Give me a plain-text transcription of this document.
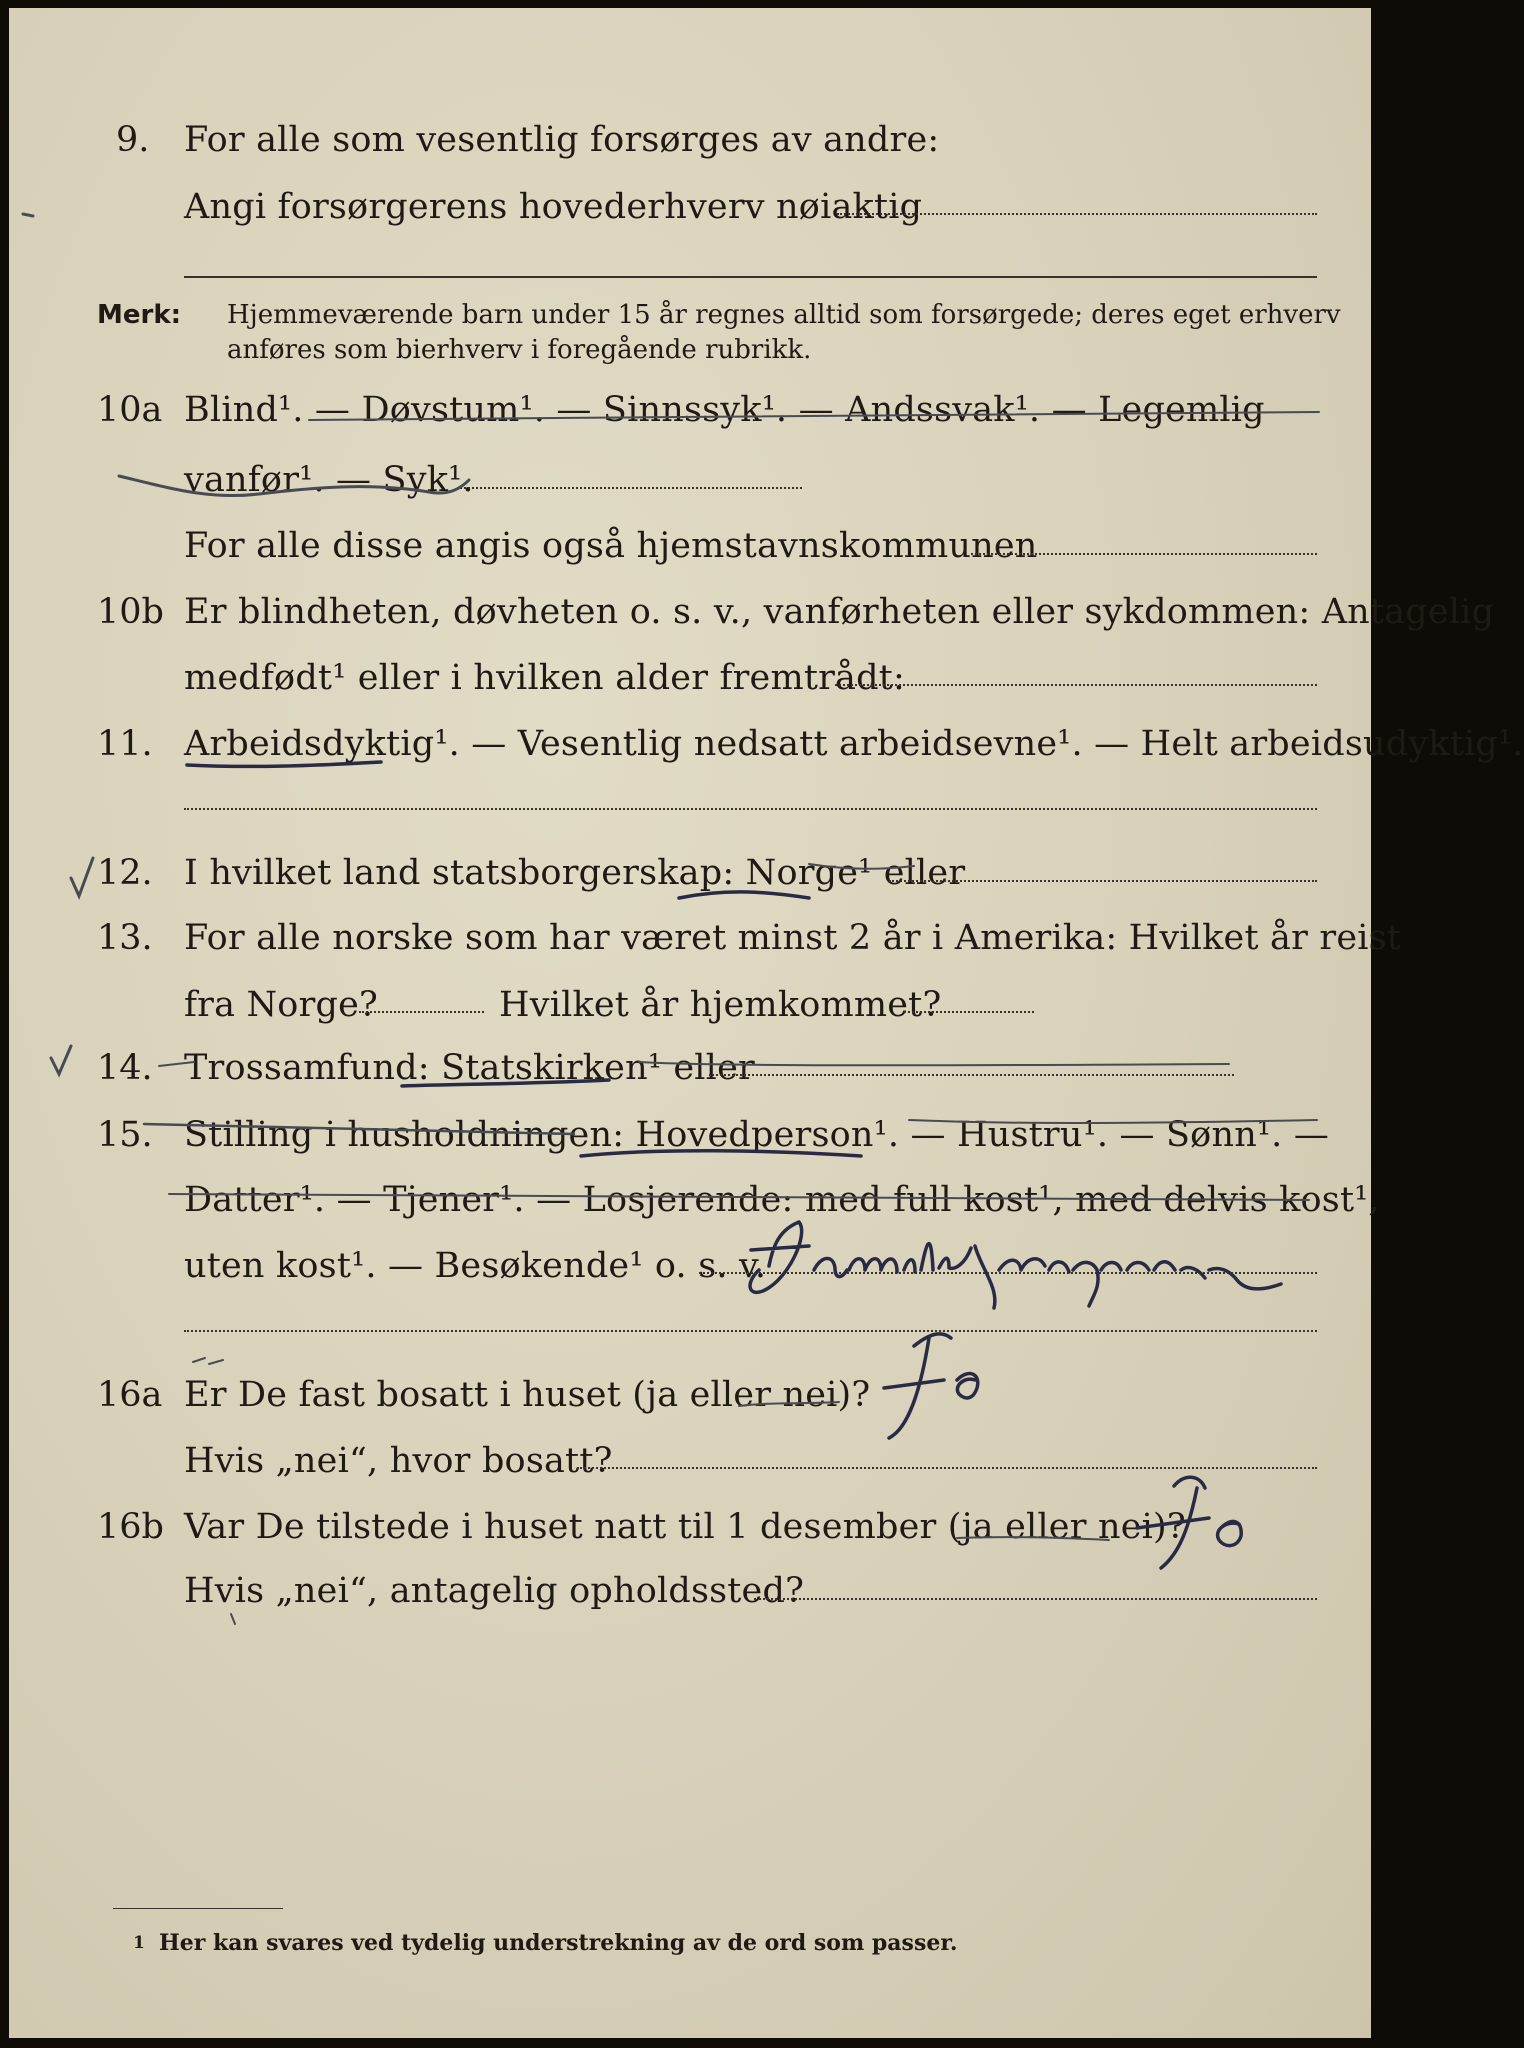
9. For alle som vesentlig forsørges av andre:
Angi forsørgerens hovederhverv nøiaktig
Merk: Hjemmeværende barn under 15 år regnes alltid som forsørgede; deres eget erhverv
anføres som bierhverv i foregående rubrikk.
10a Blind¹. — Døvstum¹. — Sinnssyk¹. — Andssvak¹. — Legemlig
vanfør¹. — Syk¹.
For alle disse angis også hjemstavnskommunen
10b Er blindheten, døvheten o. s. v., vanførheten eller sykdommen: Antagelig
medfødt¹ eller i hvilken alder fremtrådt:
11. Arbeidsdyktig¹. — Vesentlig nedsatt arbeidsevne¹. — Helt arbeidsudyktig¹.
12. I hvilket land statsborgerskap: Norge¹ eller
13. For alle norske som har været minst 2 år i Amerika: Hvilket år reist
fra Norge?	Hvilket år hjemkommet?
14. Trossamfund: Statskirken¹ eller
15. Stilling i husholdningen: Hovedperson¹. — Hustru¹. — Sønn¹. —
Datter¹. — Tjener¹. — Losjerende: med full kost¹, med delvis kost¹,
uten kost¹. — Besøkende¹ o. s. v.
16a Er De fast bosatt i huset (ja eller nei)?
Hvis „nei“, hvor bosatt?
16b Var De tilstede i huset natt til 1 desember (ja eller nei)?
Hvis „nei“, antagelig opholdssted?
1 Her kan svares ved tydelig understrekning av de ord som passer.
